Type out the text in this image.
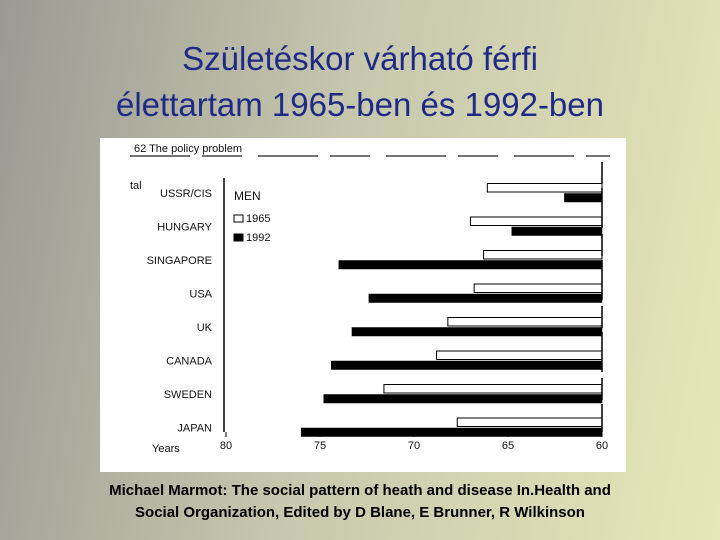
Születéskor várható férfi
élettartam 1965-ben és 1992-ben
62 The policy problem
tal
MEN
1965
1992
USSR/CIS
HUNGARY
SINGAPORE
USA
UK
CANADA
SWEDEN
JAPAN
Years	80	75	70	65	60
Michael Marmot: The social pattern of heath and disease In.Health and
Social Organization, Edited by D Blane, E Brunner, R Wilkinson
